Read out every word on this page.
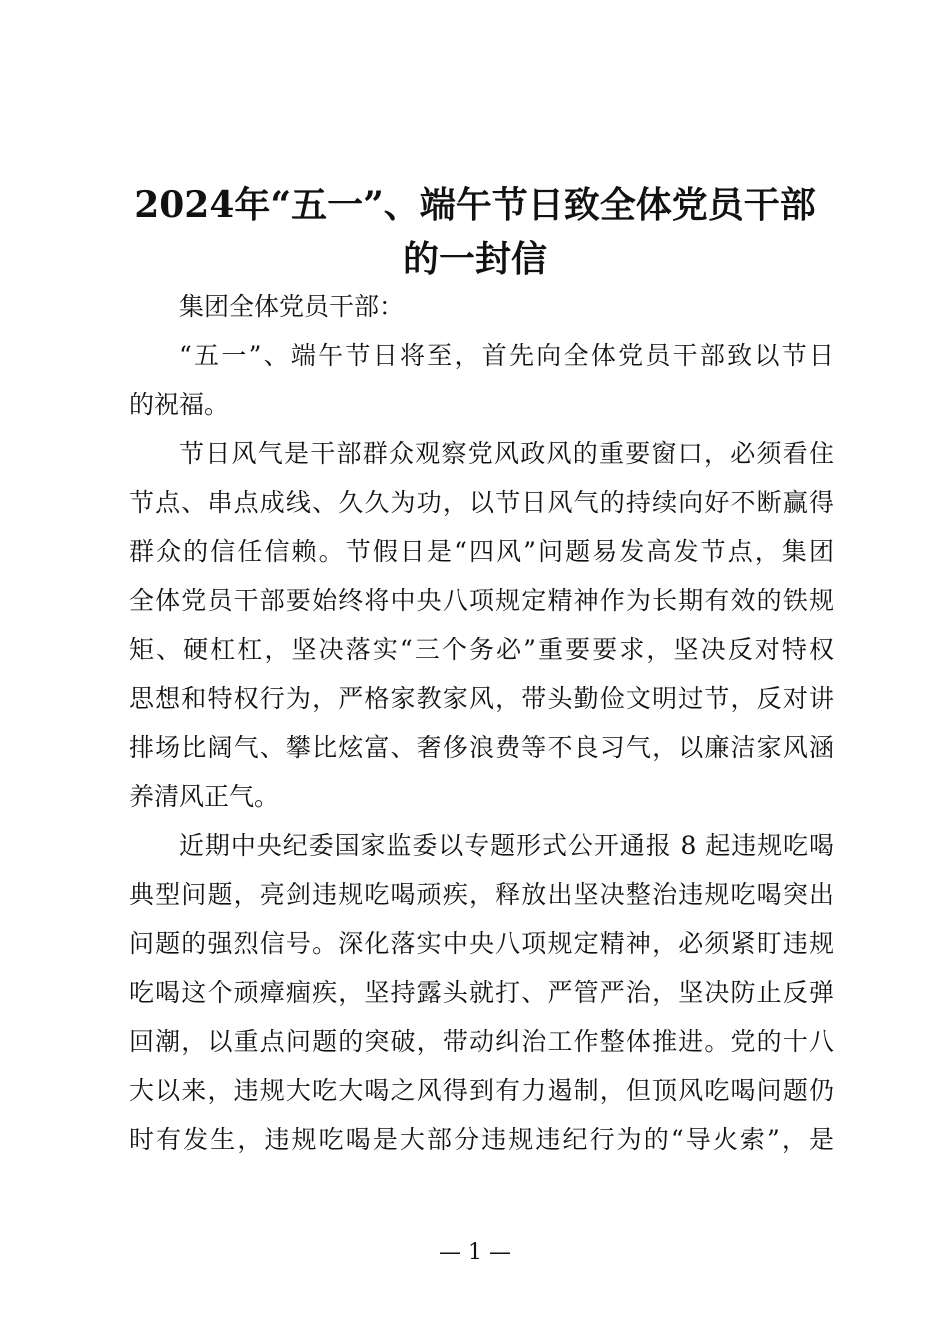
2024年“五一”、端午节日致全体党员干部
的一封信

集团全体党员干部：

“五一”、端午节日将至，首先向全体党员干部致以节日
的祝福。

节日风气是干部群众观察党风政风的重要窗口，必须看住
节点、串点成线、久久为功，以节日风气的持续向好不断赢得
群众的信任信赖。节假日是“四风”问题易发高发节点，集团
全体党员干部要始终将中央八项规定精神作为长期有效的铁规
矩、硬杠杠，坚决落实“三个务必”重要要求，坚决反对特权
思想和特权行为，严格家教家风，带头勤俭文明过节，反对讲
排场比阔气、攀比炫富、奢侈浪费等不良习气，以廉洁家风涵
养清风正气。

近期中央纪委国家监委以专题形式公开通报 8 起违规吃喝
典型问题，亮剑违规吃喝顽疾，释放出坚决整治违规吃喝突出
问题的强烈信号。深化落实中央八项规定精神，必须紧盯违规
吃喝这个顽瘴痼疾，坚持露头就打、严管严治，坚决防止反弹
回潮，以重点问题的突破，带动纠治工作整体推进。党的十八
大以来，违规大吃大喝之风得到有力遏制，但顶风吃喝问题仍
时有发生，违规吃喝是大部分违规违纪行为的“导火索”，是

— 1 —
